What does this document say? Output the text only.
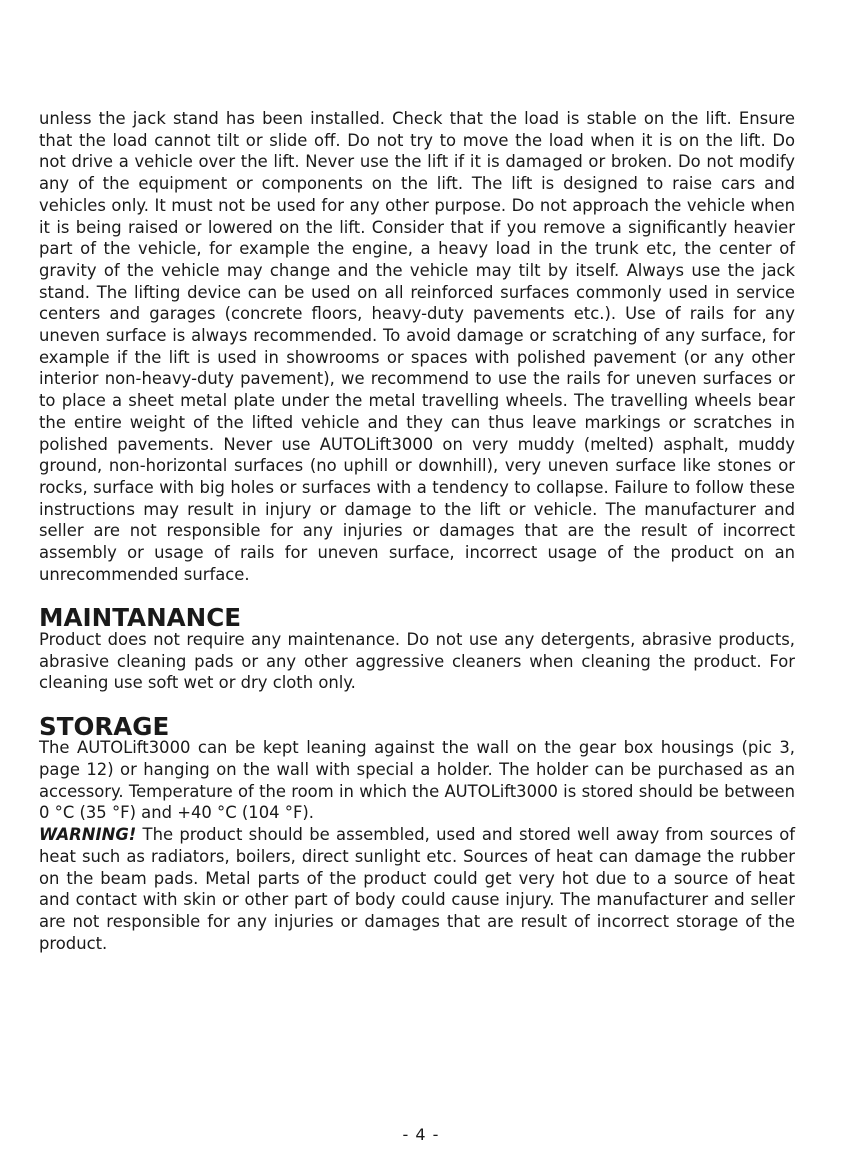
unless the jack stand has been installed. Check that the load is stable on the lift. Ensure that the load cannot tilt or slide off. Do not try to move the load when it is on the lift. Do not drive a vehicle over the lift. Never use the lift if it is damaged or broken. Do not modify any of the equipment or components on the lift. The lift is designed to raise cars and vehicles only. It must not be used for any other purpose. Do not approach the vehicle when it is being raised or lowered on the lift. Consider that if you remove a significantly heavier part of the vehicle, for example the engine, a heavy load in the trunk etc, the center of gravity of the vehicle may change and the vehicle may tilt by itself. Always use the jack stand. The lifting device can be used on all reinforced surfaces commonly used in service centers and garages (concrete floors, heavy-duty pavements etc.). Use of rails for any uneven surface is always recommended. To avoid damage or scratching of any surface, for example if the lift is used in showrooms or spaces with polished pavement (or any other interior non-heavy-duty pavement), we recommend to use the rails for uneven surfaces or to place a sheet metal plate under the metal travelling wheels. The travelling wheels bear the entire weight of the lifted vehicle and they can thus leave markings or scratches in polished pavements. Never use AUTOLift3000 on very muddy (melted) asphalt, muddy ground, non-horizontal surfaces (no uphill or downhill), very uneven surface like stones or rocks, surface with big holes or surfaces with a tendency to collapse. Failure to follow these instructions may result in injury or damage to the lift or vehicle. The manufacturer and seller are not responsible for any injuries or damages that are the result of incorrect assembly or usage of rails for uneven surface, incorrect usage of the product on an unrecommended surface.

MAINTANANCE

Product does not require any maintenance. Do not use any detergents, abrasive products, abrasive cleaning pads or any other aggressive cleaners when cleaning the product. For cleaning use soft wet or dry cloth only.

STORAGE

The AUTOLift3000 can be kept leaning against the wall on the gear box housings (pic 3, page 12) or hanging on the wall with special a holder. The holder can be purchased as an accessory. Temperature of the room in which the AUTOLift3000 is stored should be between 0 °C (35 °F) and +40 °C (104 °F).

WARNING! The product should be assembled, used and stored well away from sources of heat such as radiators, boilers, direct sunlight etc. Sources of heat can damage the rubber on the beam pads. Metal parts of the product could get very hot due to a source of heat and contact with skin or other part of body could cause injury. The manufacturer and seller are not responsible for any injuries or damages that are result of incorrect storage of the product.

- 4 -
